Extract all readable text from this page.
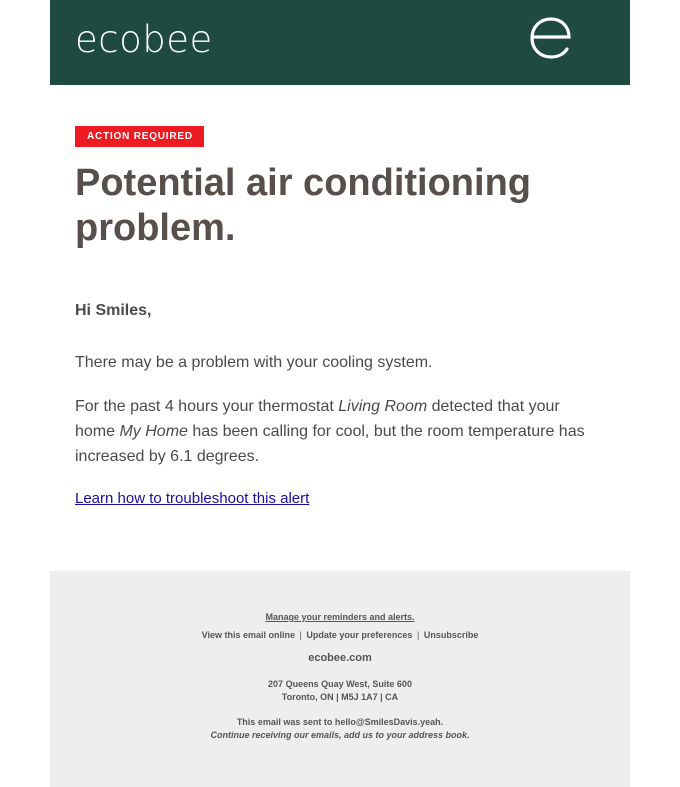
ecobee
ACTION REQUIRED
Potential air conditioning problem.

Hi Smiles,

There may be a problem with your cooling system.

For the past 4 hours your thermostat Living Room detected that your home My Home has been calling for cool, but the room temperature has increased by 6.1 degrees.

Learn how to troubleshoot this alert
Manage your reminders and alerts.
View this email online | Update your preferences | Unsubscribe
ecobee.com
207 Queens Quay West, Suite 600
Toronto, ON | M5J 1A7 | CA
This email was sent to hello@SmilesDavis.yeah.
Continue receiving our emails, add us to your address book.
